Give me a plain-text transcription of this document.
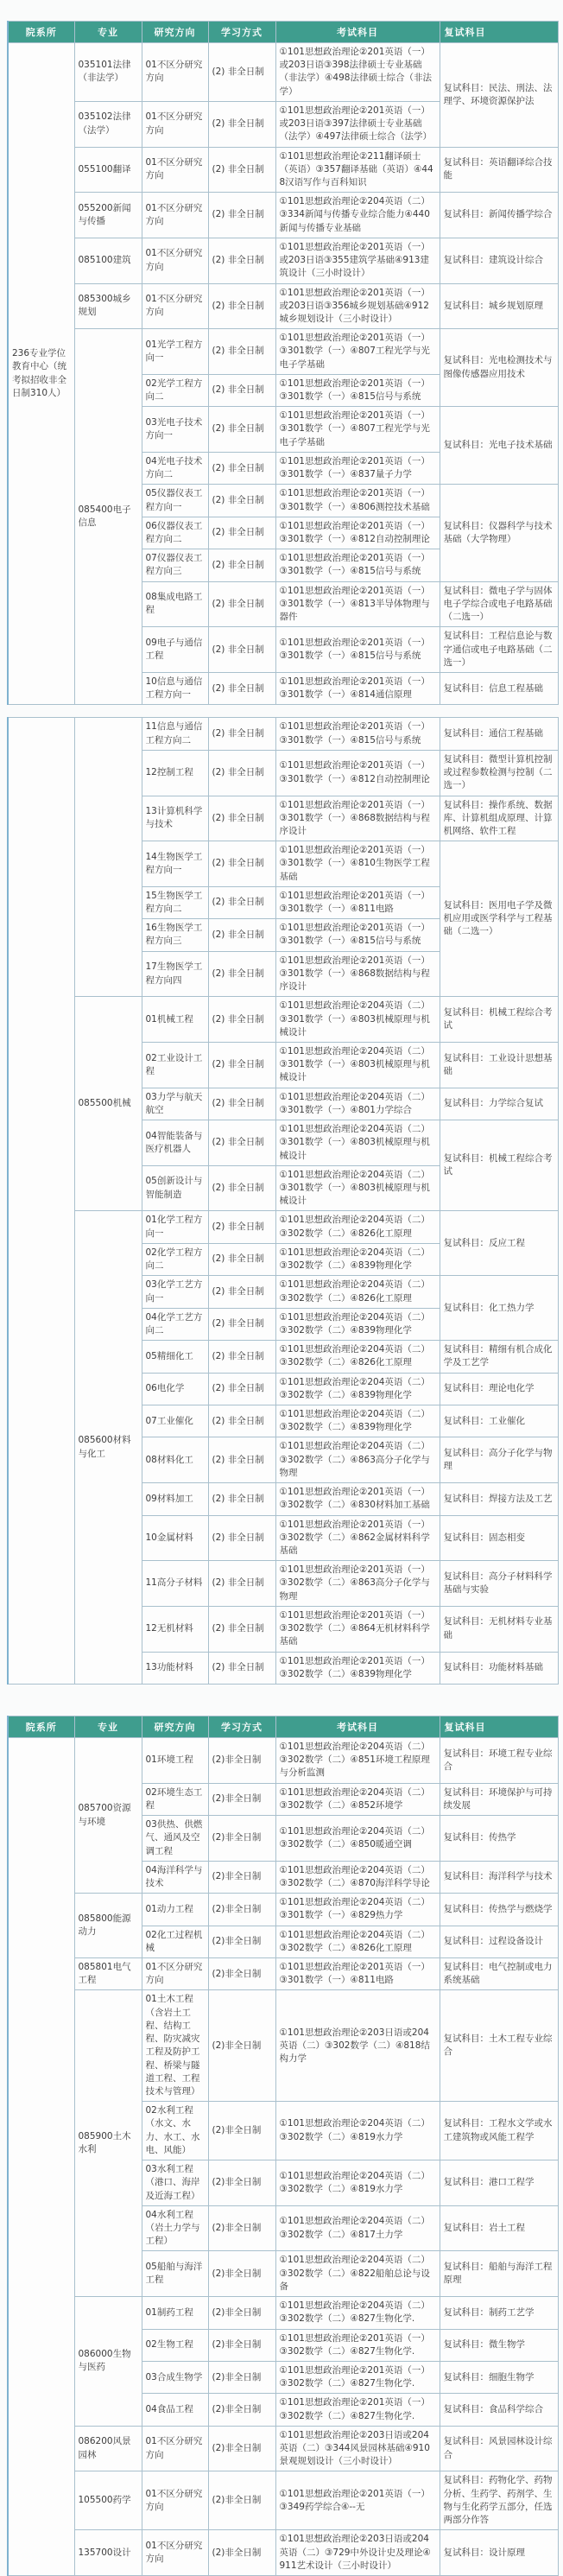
院系所	专业	研究方向	学习方式	考试科目	复试科目
236专业学位教育中心（统考拟招收非全日制310人）	035101法律（非法学）	01不区分研究方向	(2) 非全日制	①101思想政治理论②201英语（一）或203日语③398法律硕士专业基础（非法学）④498法律硕士综合（非法学）	复试科目：民法、刑法、法理学、环境资源保护法
	035102法律（法学）	01不区分研究方向	(2) 非全日制	①101思想政治理论②201英语（一）或203日语③397法律硕士专业基础（法学）④497法律硕士综合（法学）	
	055100翻译	01不区分研究方向	(2) 非全日制	①101思想政治理论②211翻译硕士（英语）③357翻译基础（英语）④448汉语写作与百科知识	复试科目：英语翻译综合技能
	055200新闻与传播	01不区分研究方向	(2) 非全日制	①101思想政治理论②204英语（二）③334新闻与传播专业综合能力④440新闻与传播专业基础	复试科目：新闻传播学综合
	085100建筑	01不区分研究方向	(2) 非全日制	①101思想政治理论②201英语（一）或203日语③355建筑学基础④913建筑设计（三小时设计）	复试科目：建筑设计综合
	085300城乡规划	01不区分研究方向	(2) 非全日制	①101思想政治理论②201英语（一）或203日语③356城乡规划基础④912城乡规划设计（三小时设计）	复试科目：城乡规划原理
	085400电子信息	01光学工程方向一	(2) 非全日制	①101思想政治理论②201英语（一）③301数学（一）④807工程光学与光电子学基础	复试科目：光电检测技术与图像传感器应用技术
		02光学工程方向二	(2) 非全日制	①101思想政治理论②201英语（一）③301数学（一）④815信号与系统	
		03光电子技术方向一	(2) 非全日制	①101思想政治理论②201英语（一）③301数学（一）④807工程光学与光电子学基础	复试科目：光电子技术基础
		04光电子技术方向二	(2) 非全日制	①101思想政治理论②201英语（一）③301数学（一）④837量子力学	
		05仪器仪表工程方向一	(2) 非全日制	①101思想政治理论②201英语（一）③301数学（一）④806测控技术基础	复试科目：仪器科学与技术基础（大学物理）
		06仪器仪表工程方向二	(2) 非全日制	①101思想政治理论②201英语（一）③301数学（一）④812自动控制理论	
		07仪器仪表工程方向三	(2) 非全日制	①101思想政治理论②201英语（一）③301数学（一）④815信号与系统	
		08集成电路工程	(2) 非全日制	①101思想政治理论②201英语（一）③301数学（一）④813半导体物理与器件	复试科目：微电子学与固体电子学综合或电子电路基础（二选一）
		09电子与通信工程	(2) 非全日制	①101思想政治理论②201英语（一）③301数学（一）④815信号与系统	复试科目：工程信息论与数字通信或电子电路基础（二选一）
		10信息与通信工程方向一	(2) 非全日制	①101思想政治理论②201英语（一）③301数学（一）④814通信原理	复试科目：信息工程基础
		11信息与通信工程方向二	(2) 非全日制	①101思想政治理论②201英语（一）③301数学（一）④815信号与系统	复试科目：通信工程基础
		12控制工程	(2) 非全日制	①101思想政治理论②201英语（一）③301数学（一）④812自动控制理论	复试科目：微型计算机控制或过程参数检测与控制（二选一）
		13计算机科学与技术	(2) 非全日制	①101思想政治理论②201英语（一）③301数学（一）④868数据结构与程序设计	复试科目：操作系统、数据库、计算机组成原理、计算机网络、软件工程
		14生物医学工程方向一	(2) 非全日制	①101思想政治理论②201英语（一）③301数学（一）④810生物医学工程基础	复试科目：医用电子学及微机应用或医学科学与工程基础（二选一）
		15生物医学工程方向二	(2) 非全日制	①101思想政治理论②201英语（一）③301数学（一）④811电路	
		16生物医学工程方向三	(2) 非全日制	①101思想政治理论②201英语（一）③301数学（一）④815信号与系统	
		17生物医学工程方向四	(2) 非全日制	①101思想政治理论②201英语（一）③301数学（一）④868数据结构与程序设计	
	085500机械	01机械工程	(2) 非全日制	①101思想政治理论②204英语（二）③301数学（一）④803机械原理与机械设计	复试科目：机械工程综合考试
		02工业设计工程	(2) 非全日制	①101思想政治理论②204英语（二）③301数学（一）④803机械原理与机械设计	复试科目：工业设计思想基础
		03力学与航天航空	(2) 非全日制	①101思想政治理论②204英语（二）③301数学（一）④801力学综合	复试科目：力学综合复试
		04智能装备与医疗机器人	(2) 非全日制	①101思想政治理论②204英语（二）③301数学（一）④803机械原理与机械设计	复试科目：机械工程综合考试
		05创新设计与智能制造	(2) 非全日制	①101思想政治理论②204英语（二）③301数学（一）④803机械原理与机械设计	
	085600材料与化工	01化学工程方向一	(2) 非全日制	①101思想政治理论②204英语（二）③302数学（二）④826化工原理	复试科目：反应工程
		02化学工程方向二	(2) 非全日制	①101思想政治理论②204英语（二）③302数学（二）④839物理化学	
		03化学工艺方向一	(2) 非全日制	①101思想政治理论②204英语（二）③302数学（二）④826化工原理	复试科目：化工热力学
		04化学工艺方向二	(2) 非全日制	①101思想政治理论②204英语（二）③302数学（二）④839物理化学	
		05精细化工	(2) 非全日制	①101思想政治理论②204英语（二）③302数学（二）④826化工原理	复试科目：精细有机合成化学及工艺学
		06电化学	(2) 非全日制	①101思想政治理论②204英语（二）③302数学（二）④839物理化学	复试科目：理论电化学
		07工业催化	(2) 非全日制	①101思想政治理论②204英语（二）③302数学（二）④839物理化学	复试科目：工业催化
		08材料化工	(2) 非全日制	①101思想政治理论②204英语（二）③302数学（二）④863高分子化学与物理	复试科目：高分子化学与物理
		09材料加工	(2) 非全日制	①101思想政治理论②201英语（一）③302数学（二）④830材料加工基础	复试科目：焊接方法及工艺
		10金属材料	(2) 非全日制	①101思想政治理论②201英语（一）③302数学（二）④862金属材料科学基础	复试科目：固态相变
		11高分子材料	(2) 非全日制	①101思想政治理论②201英语（一）③302数学（二）④863高分子化学与物理	复试科目：高分子材料科学基础与实验
		12无机材料	(2) 非全日制	①101思想政治理论②201英语（一）③302数学（二）④864无机材料科学基础	复试科目：无机材料专业基础
		13功能材料	(2) 非全日制	①101思想政治理论②201英语（一）③302数学（二）④839物理化学	复试科目：功能材料基础
院系所	专业	研究方向	学习方式	考试科目	复试科目
	085700资源与环境	01环境工程	(2)非全日制	①101思想政治理论②204英语（二）③302数学（二）④851环境工程原理与分析监测	复试科目：环境工程专业综合
		02环境生态工程	(2)非全日制	①101思想政治理论②204英语（二）③302数学（二）④852环境学	复试科目：环境保护与可持续发展
		03供热、供燃气、通风及空调工程	(2)非全日制	①101思想政治理论②204英语（二）③302数学（二）④850暖通空调	复试科目：传热学
		04海洋科学与技术	(2)非全日制	①101思想政治理论②204英语（二）③302数学（二）④870海洋科学导论	复试科目：海洋科学与技术
	085800能源动力	01动力工程	(2)非全日制	①101思想政治理论②204英语（二）③301数学（一）④829热力学	复试科目：传热学与燃烧学
		02化工过程机械	(2)非全日制	①101思想政治理论②204英语（二）③302数学（二）④826化工原理	复试科目：过程设备设计
	085801电气工程	01不区分研究方向	(2)非全日制	①101思想政治理论②201英语（一）③301数学（一）④811电路	复试科目：电气控制或电力系统基础
	085900土木水利	01土木工程（含岩土工程、结构工程、防灾减灾工程及防护工程、桥梁与隧道工程、工程技术与管理）	(2)非全日制	①101思想政治理论②203日语或204英语（二）③302数学（二）④818结构力学	复试科目：土木工程专业综合
		02水利工程（水文、水力、水工、水电、风能）	(2)非全日制	①101思想政治理论②204英语（二）③302数学（二）④819水力学	复试科目：工程水文学或水工建筑物或风能工程学
		03水利工程（港口、海岸及近海工程）	(2)非全日制	①101思想政治理论②204英语（二）③302数学（二）④819水力学	复试科目：港口工程学
		04水利工程（岩土力学与工程）	(2)非全日制	①101思想政治理论②204英语（二）③302数学（二）④817土力学	复试科目：岩土工程
		05船舶与海洋工程	(2)非全日制	①101思想政治理论②204英语（二）③302数学（二）④822船舶总论与设备	复试科目：船舶与海洋工程原理
	086000生物与医药	01制药工程	(2)非全日制	①101思想政治理论②204英语（二）③302数学（二）④827生物化学.	复试科目：制药工艺学
		02生物工程	(2)非全日制	①101思想政治理论②201英语（一）③302数学（二）④827生物化学.	复试科目：微生物学
		03合成生物学	(2)非全日制	①101思想政治理论②201英语（一）③302数学（二）④827生物化学.	复试科目：细胞生物学
		04食品工程	(2)非全日制	①101思想政治理论②201英语（一）③302数学（二）④827生物化学.	复试科目：食品科学综合
	086200风景园林	01不区分研究方向	(2)非全日制	①101思想政治理论②203日语或204英语（二）③344风景园林基础④910景观规划设计（三小时设计）	复试科目：风景园林设计综合
	105500药学	01不区分研究方向	(2)非全日制	①101思想政治理论②201英语（一）③349药学综合④--无	复试科目：药物化学、药物分析、生药学、药剂学、生物与生化药学五部分，任选两部分作答
	135700设计	01不区分研究方向	(2)非全日制	①101思想政治理论②203日语或204英语（二）③729中外设计史及理论④911艺术设计（三小时设计）	复试科目：设计原理
